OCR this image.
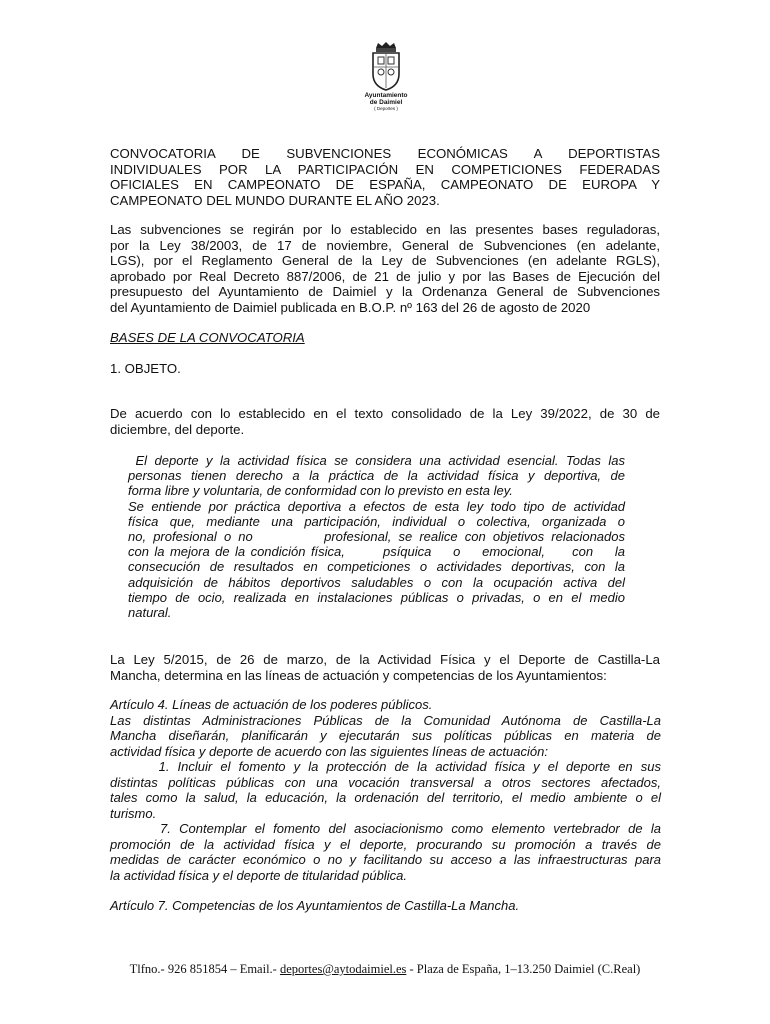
Ayuntamiento
de Daimiel
( Deportes )
CONVOCATORIA DE SUBVENCIONES ECONÓMICAS A DEPORTISTAS
INDIVIDUALES POR LA PARTICIPACIÓN EN COMPETICIONES FEDERADAS
OFICIALES EN CAMPEONATO DE ESPAÑA, CAMPEONATO DE EUROPA Y
CAMPEONATO DEL MUNDO DURANTE EL AÑO 2023.
Las subvenciones se regirán por lo establecido en las presentes bases reguladoras,
por la Ley 38/2003, de 17 de noviembre, General de Subvenciones (en adelante,
LGS), por el Reglamento General de la Ley de Subvenciones (en adelante RGLS),
aprobado por Real Decreto 887/2006, de 21 de julio y por las Bases de Ejecución del
presupuesto del Ayuntamiento de Daimiel y la Ordenanza General de Subvenciones
del Ayuntamiento de Daimiel publicada en B.O.P. nº 163 del 26 de agosto de 2020
BASES DE LA CONVOCATORIA
1. OBJETO.
De acuerdo con lo establecido en el texto consolidado de la Ley 39/2022, de 30 de
diciembre, del deporte.
El deporte y la actividad física se considera una actividad esencial. Todas las
personas tienen derecho a la práctica de la actividad física y deportiva, de
forma libre y voluntaria, de conformidad con lo previsto en esta ley.
Se entiende por práctica deportiva a efectos de esta ley todo tipo de actividad
física que, mediante una participación, individual o colectiva, organizada o
no, profesional o no          profesional, se realice con objetivos relacionados
con la mejora de la condición física,       psíquica    o    emocional,     con    la
consecución de resultados en competiciones o actividades deportivas, con la
adquisición de hábitos deportivos saludables o con la ocupación activa del
tiempo de ocio, realizada en instalaciones públicas o privadas, o en el medio
natural.
La Ley 5/2015, de 26 de marzo, de la Actividad Física y el Deporte de Castilla-La
Mancha, determina en las líneas de actuación y competencias de los Ayuntamientos:
Artículo 4. Líneas de actuación de los poderes públicos.
Las distintas Administraciones Públicas de la Comunidad Autónoma de Castilla-La
Mancha diseñarán, planificarán y ejecutarán sus políticas públicas en materia de
actividad física y deporte de acuerdo con las siguientes líneas de actuación:
1. Incluir el fomento y la protección de la actividad física y el deporte en sus
distintas políticas públicas con una vocación transversal a otros sectores afectados,
tales como la salud, la educación, la ordenación del territorio, el medio ambiente o el
turismo.
7. Contemplar el fomento del asociacionismo como elemento vertebrador de la
promoción de la actividad física y el deporte, procurando su promoción a través de
medidas de carácter económico o no y facilitando su acceso a las infraestructuras para
la actividad física y el deporte de titularidad pública.
Artículo 7. Competencias de los Ayuntamientos de Castilla-La Mancha.
Tlfno.- 926 851854 – Email.- deportes@aytodaimiel.es - Plaza de España, 1–13.250 Daimiel (C.Real)
